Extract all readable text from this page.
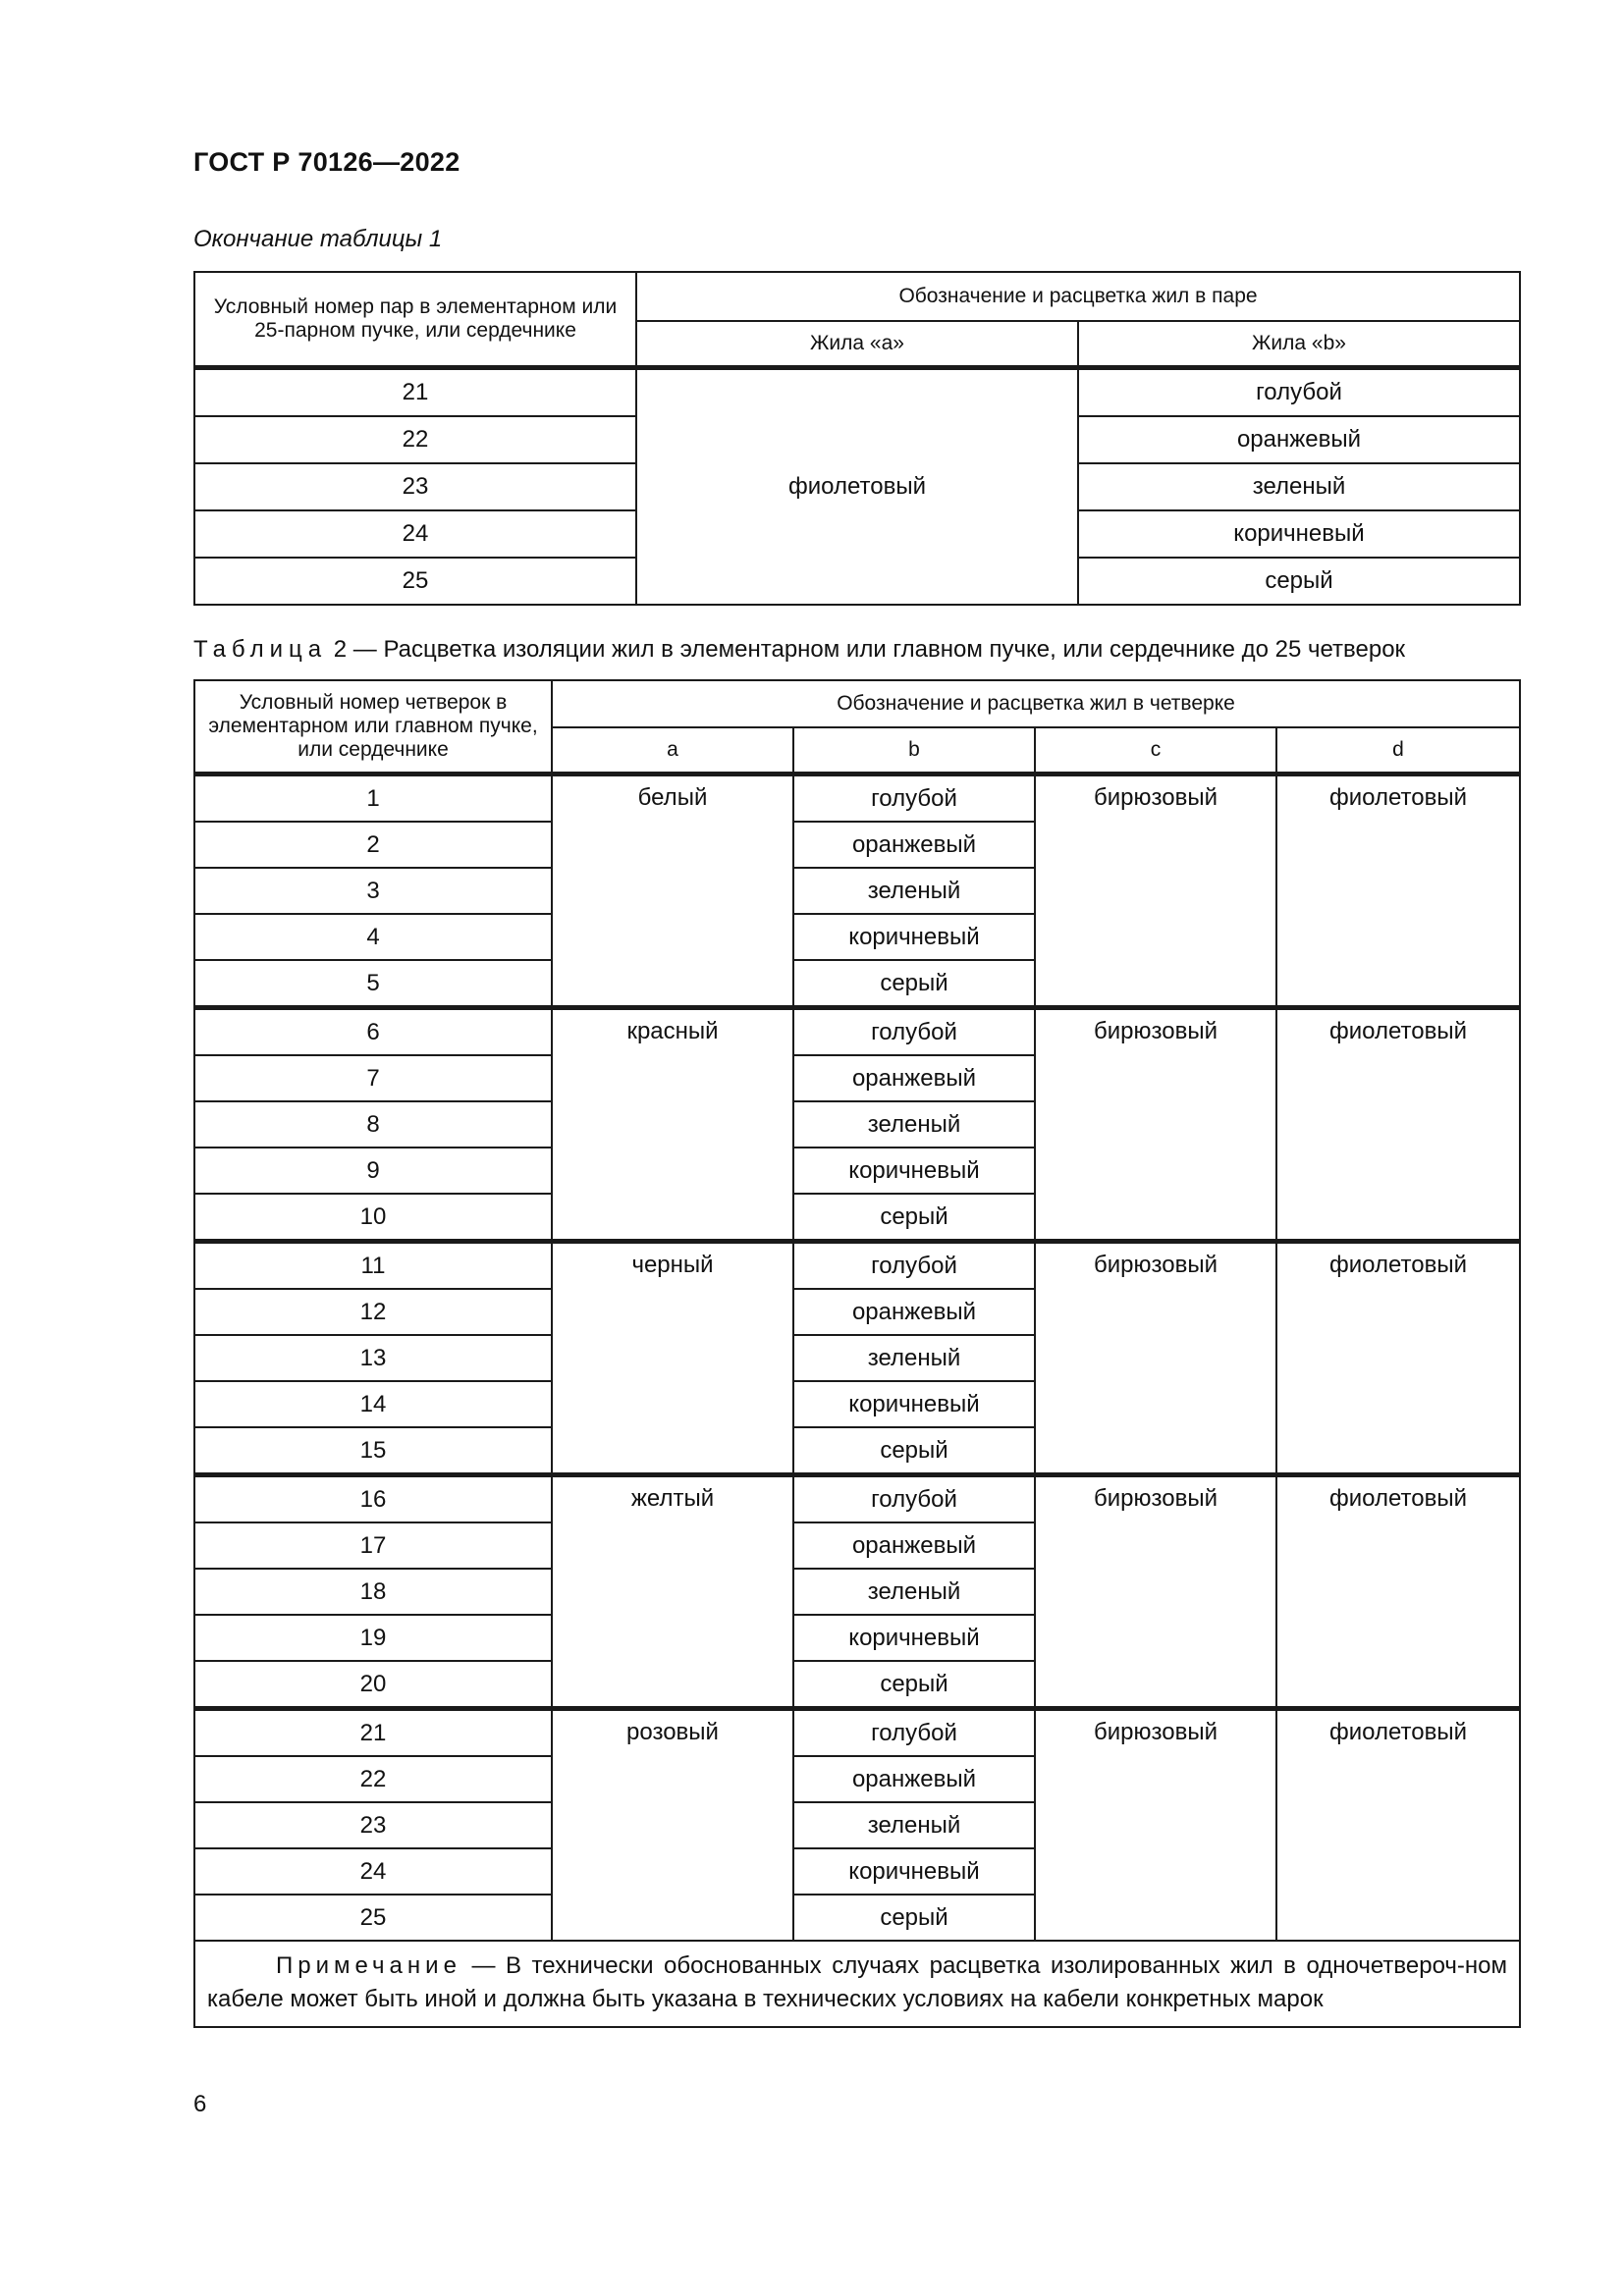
ГОСТ Р 70126—2022
Окончание таблицы 1
Условный номер пар в элементарном или 25-парном пучке, или сердечнике	Обозначение и расцветка жил в паре	
	Жила «а»	Жила «b»
21	фиолетовый	голубой
22		оранжевый
23		зеленый
24		коричневый
25		серый
Таблица 2 — Расцветка изоляции жил в элементарном или главном пучке, или сердечнике до 25 четверок
Условный номер четверок в элементарном или главном пучке, или сердечнике	Обозначение и расцветка жил в четверке			
	a	b	c	d
1	белый	голубой	бирюзовый	фиолетовый
2		оранжевый		
3		зеленый		
4		коричневый		
5		серый		
6	красный	голубой	бирюзовый	фиолетовый
7		оранжевый		
8		зеленый		
9		коричневый		
10		серый		
11	черный	голубой	бирюзовый	фиолетовый
12		оранжевый		
13		зеленый		
14		коричневый		
15		серый		
16	желтый	голубой	бирюзовый	фиолетовый
17		оранжевый		
18		зеленый		
19		коричневый		
20		серый		
21	розовый	голубой	бирюзовый	фиолетовый
22		оранжевый		
23		зеленый		
24		коричневый		
25		серый		
Примечание — В технически обоснованных случаях расцветка изолированных жил в одночетвероч-ном кабеле может быть иной и должна быть указана в технических условиях на кабели конкретных марок				
6
